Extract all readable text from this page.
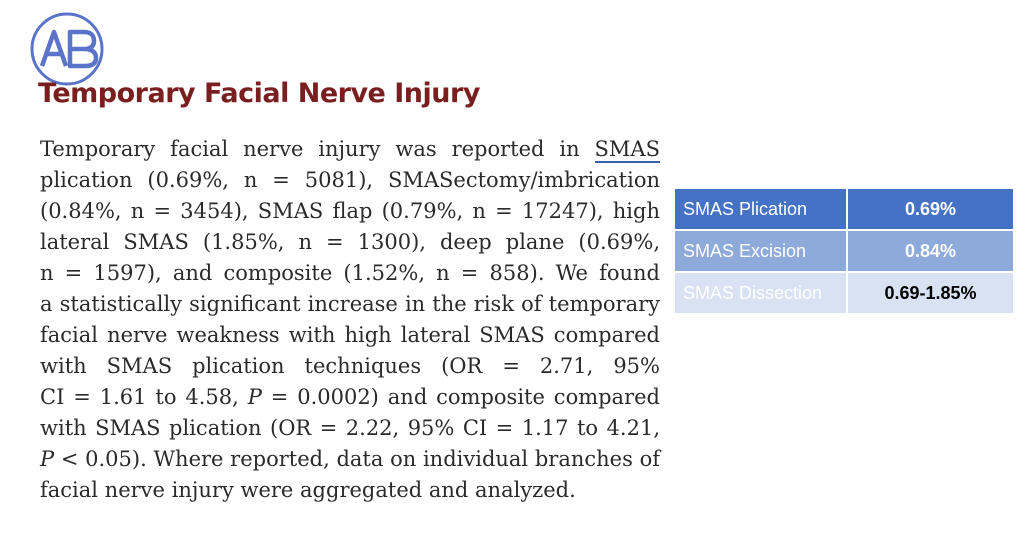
Temporary Facial Nerve Injury
Temporary facial nerve injury was reported in SMAS
plication (0.69%, n = 5081), SMASectomy/imbrication
(0.84%, n = 3454), SMAS flap (0.79%, n = 17247), high
lateral SMAS (1.85%, n = 1300), deep plane (0.69%,
n = 1597), and composite (1.52%, n = 858). We found
a statistically significant increase in the risk of temporary
facial nerve weakness with high lateral SMAS compared
with SMAS plication techniques (OR = 2.71, 95%
CI = 1.61 to 4.58, P = 0.0002) and composite compared
with SMAS plication (OR = 2.22, 95% CI = 1.17 to 4.21,
P < 0.05). Where reported, data on individual branches of
facial nerve injury were aggregated and analyzed.
SMAS Plication	0.69%
SMAS Excision	0.84%
SMAS Dissection	0.69-1.85%
